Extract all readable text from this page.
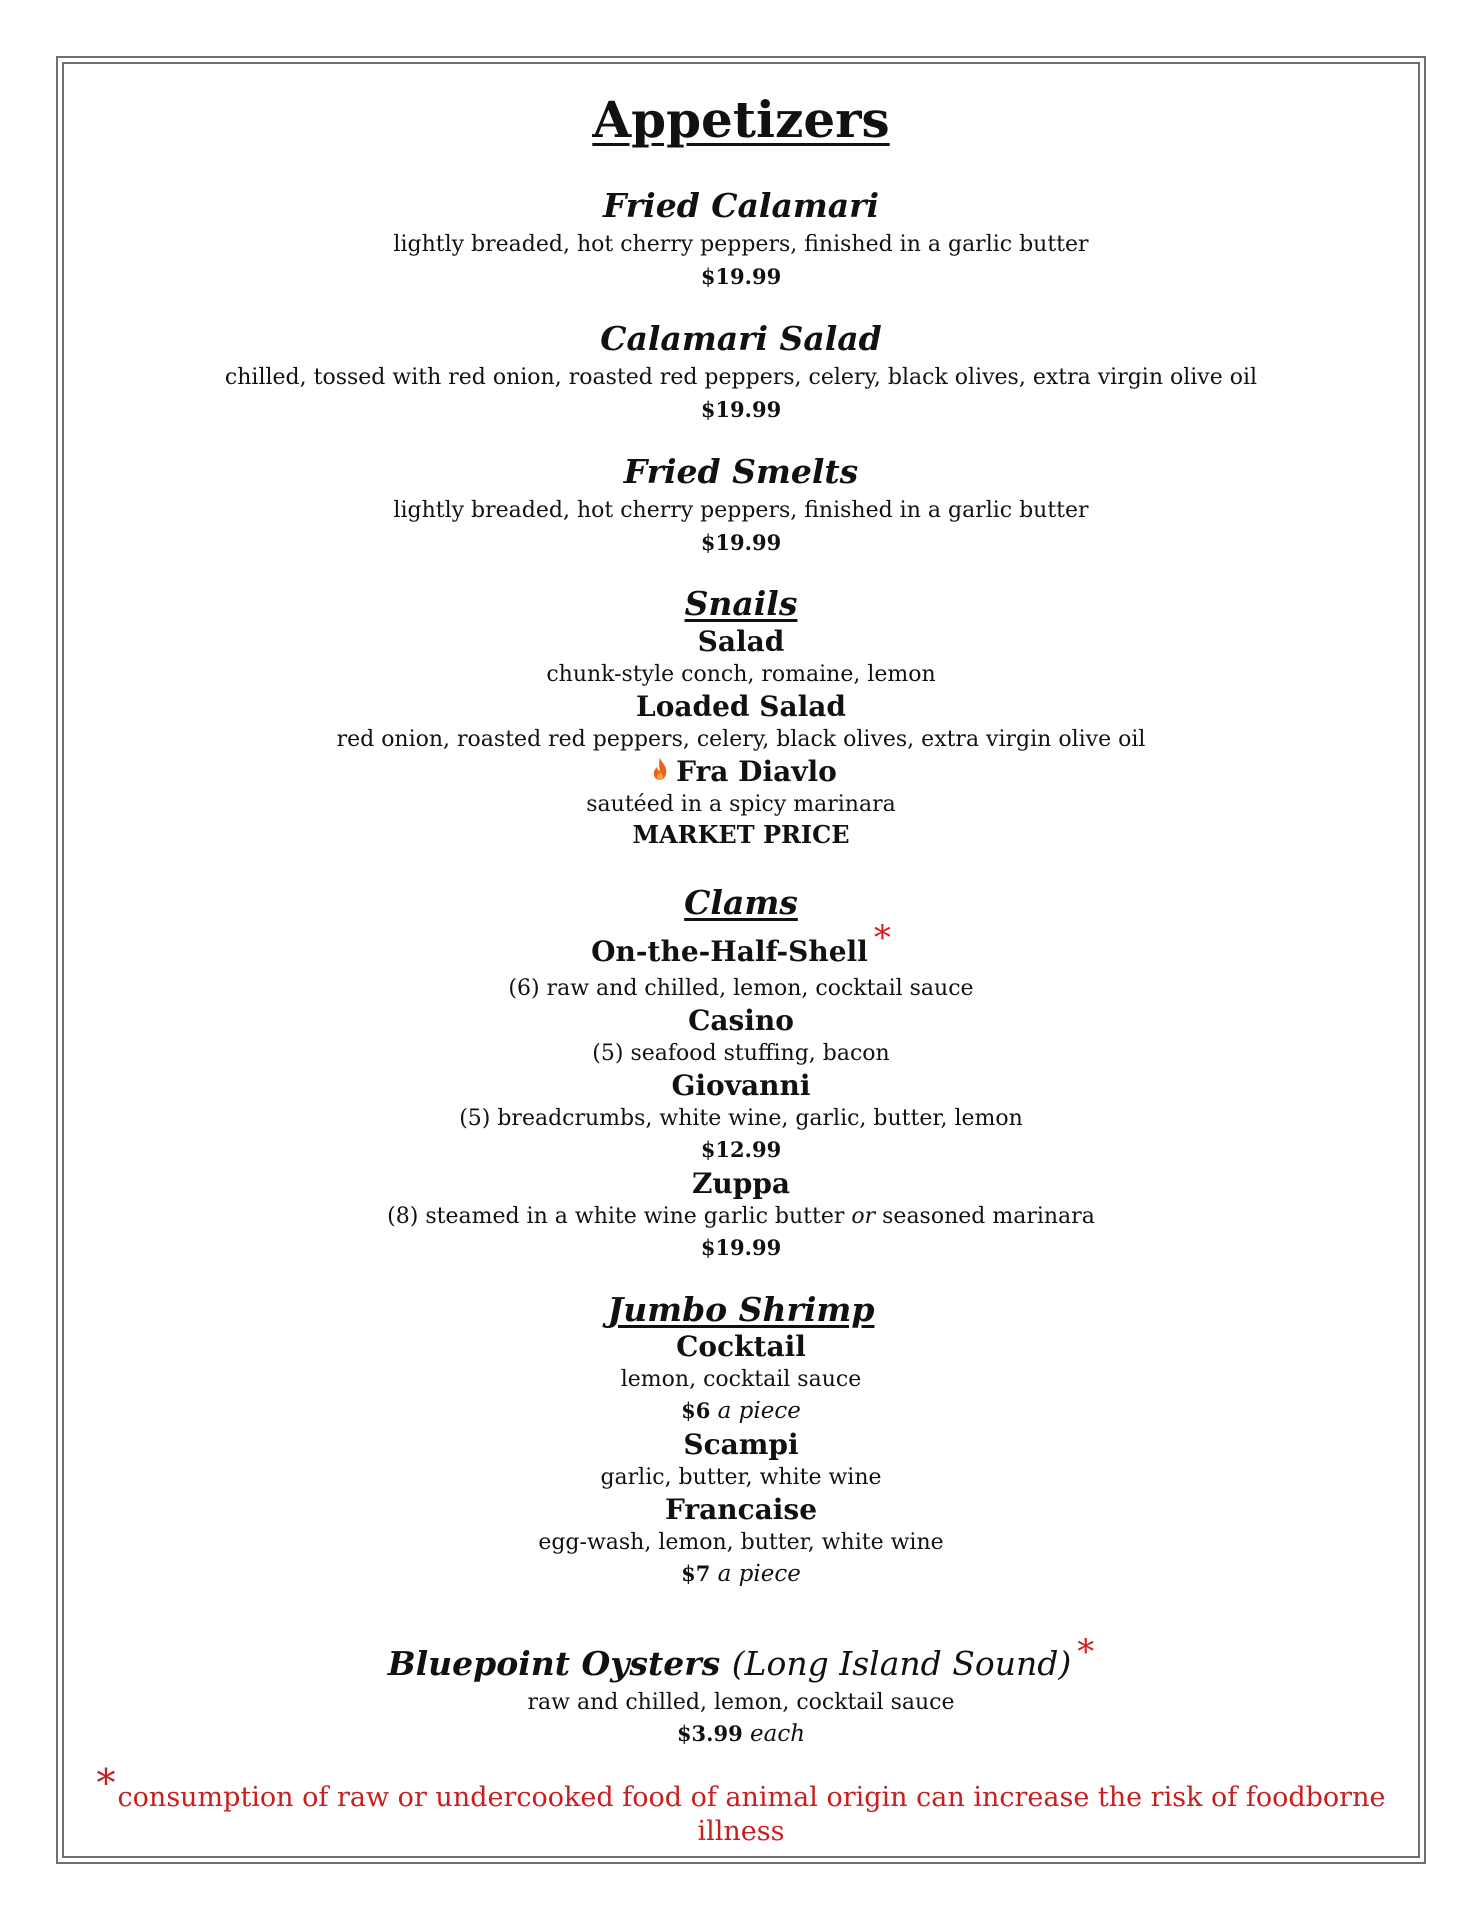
Appetizers
Fried Calamari
lightly breaded, hot cherry peppers, finished in a garlic butter
$19.99
Calamari Salad
chilled, tossed with red onion, roasted red peppers, celery, black olives, extra virgin olive oil
$19.99
Fried Smelts
lightly breaded, hot cherry peppers, finished in a garlic butter
$19.99
Snails
Salad
chunk-style conch, romaine, lemon
Loaded Salad
red onion, roasted red peppers, celery, black olives, extra virgin olive oil
Fra Diavlo
sautéed in a spicy marinara
MARKET PRICE
Clams
On-the-Half-Shell *
(6) raw and chilled, lemon, cocktail sauce
Casino
(5) seafood stuffing, bacon
Giovanni
(5) breadcrumbs, white wine, garlic, butter, lemon
$12.99
Zuppa
(8) steamed in a white wine garlic butter or seasoned marinara
$19.99
Jumbo Shrimp
Cocktail
lemon, cocktail sauce
$6 a piece
Scampi
garlic, butter, white wine
Francaise
egg-wash, lemon, butter, white wine
$7 a piece
Bluepoint Oysters (Long Island Sound) *
raw and chilled, lemon, cocktail sauce
$3.99 each
*consumption of raw or undercooked food of animal origin can increase the risk of foodborne illness
